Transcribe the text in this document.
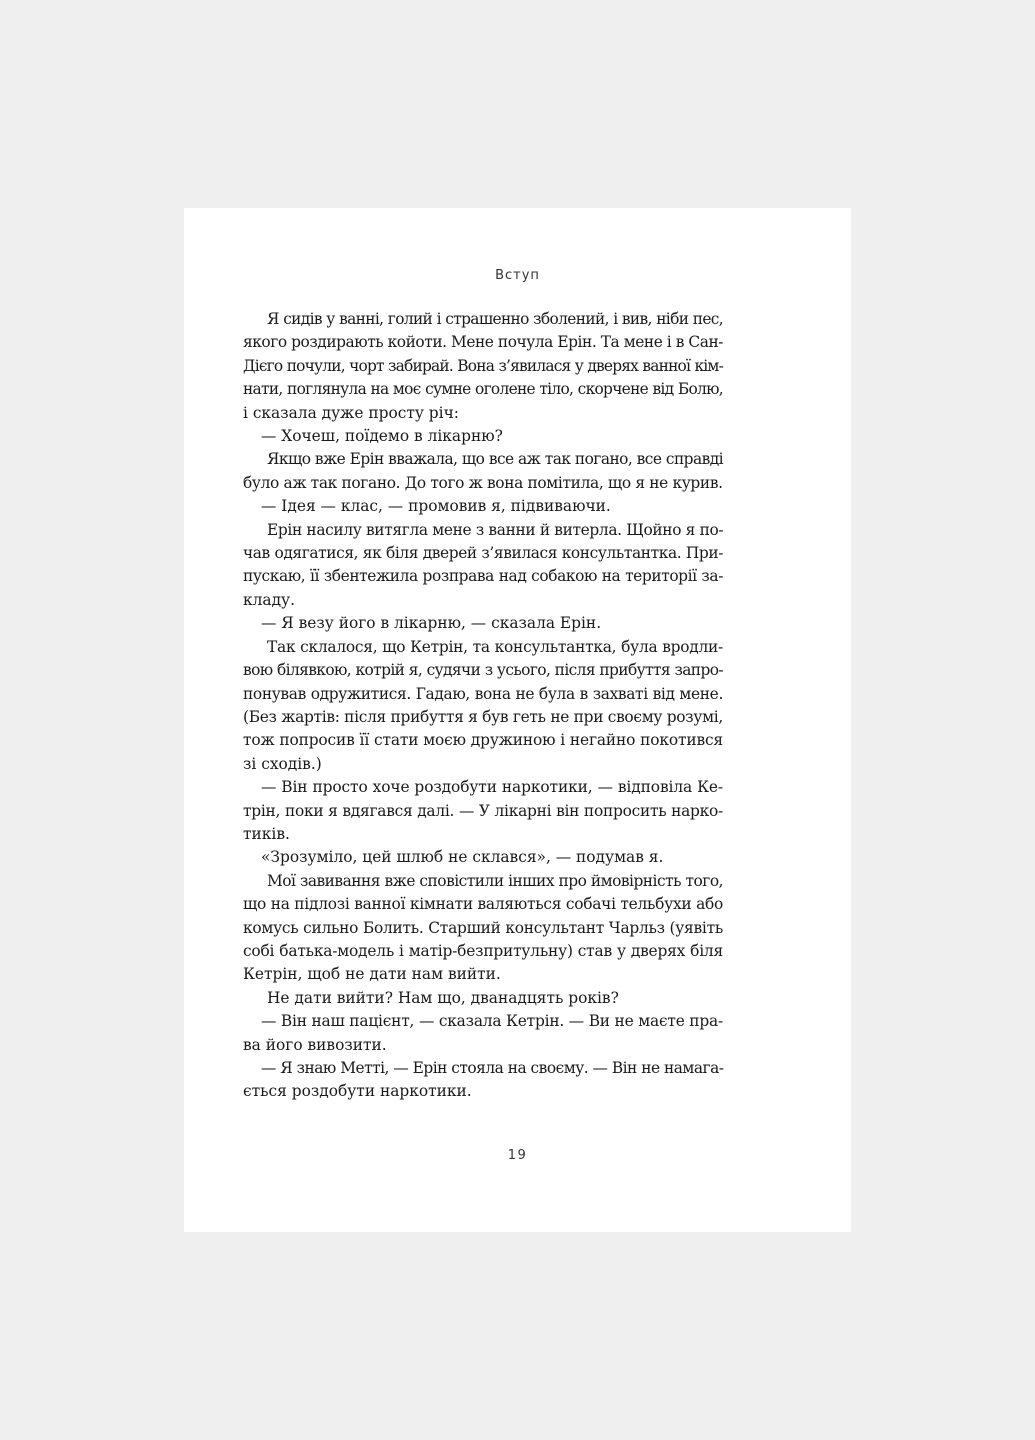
Вступ
Я сидів у ванні, голий і страшенно зболений, і вив, ніби пес,
якого роздирають койоти. Мене почула Ерін. Та мене і в Сан-
Дієго почули, чорт забирай. Вона з’явилася у дверях ванної кім-
нати, поглянула на моє сумне оголене тіло, скорчене від Болю,
і сказала дуже просту річ:
— Хочеш, поїдемо в лікарню?
Якщо вже Ерін вважала, що все аж так погано, все справді
було аж так погано. До того ж вона помітила, що я не курив.
— Ідея — клас, — промовив я, підвиваючи.
Ерін насилу витягла мене з ванни й витерла. Щойно я по-
чав одягатися, як біля дверей з’явилася консультантка. При-
пускаю, її збентежила розправа над собакою на території за-
кладу.
— Я везу його в лікарню, — сказала Ерін.
Так склалося, що Кетрін, та консультантка, була вродли-
вою білявкою, котрій я, судячи з усього, після прибуття запро-
понував одружитися. Гадаю, вона не була в захваті від мене.
(Без жартів: після прибуття я був геть не при своєму розумі,
тож попросив її стати моєю дружиною і негайно покотився
зі сходів.)
— Він просто хоче роздобути наркотики, — відповіла Ке-
трін, поки я вдягався далі. — У лікарні він попросить нарко-
тиків.
«Зрозуміло, цей шлюб не склався», — подумав я.
Мої завивання вже сповістили інших про ймовірність того,
що на підлозі ванної кімнати валяються собачі тельбухи або
комусь сильно Болить. Старший консультант Чарльз (уявіть
собі батька-модель і матір-безпритульну) став у дверях біля
Кетрін, щоб не дати нам вийти.
Не дати вийти? Нам що, дванадцять років?
— Він наш пацієнт, — сказала Кетрін. — Ви не маєте пра-
ва його вивозити.
— Я знаю Метті, — Ерін стояла на своєму. — Він не намага-
ється роздобути наркотики.
19
